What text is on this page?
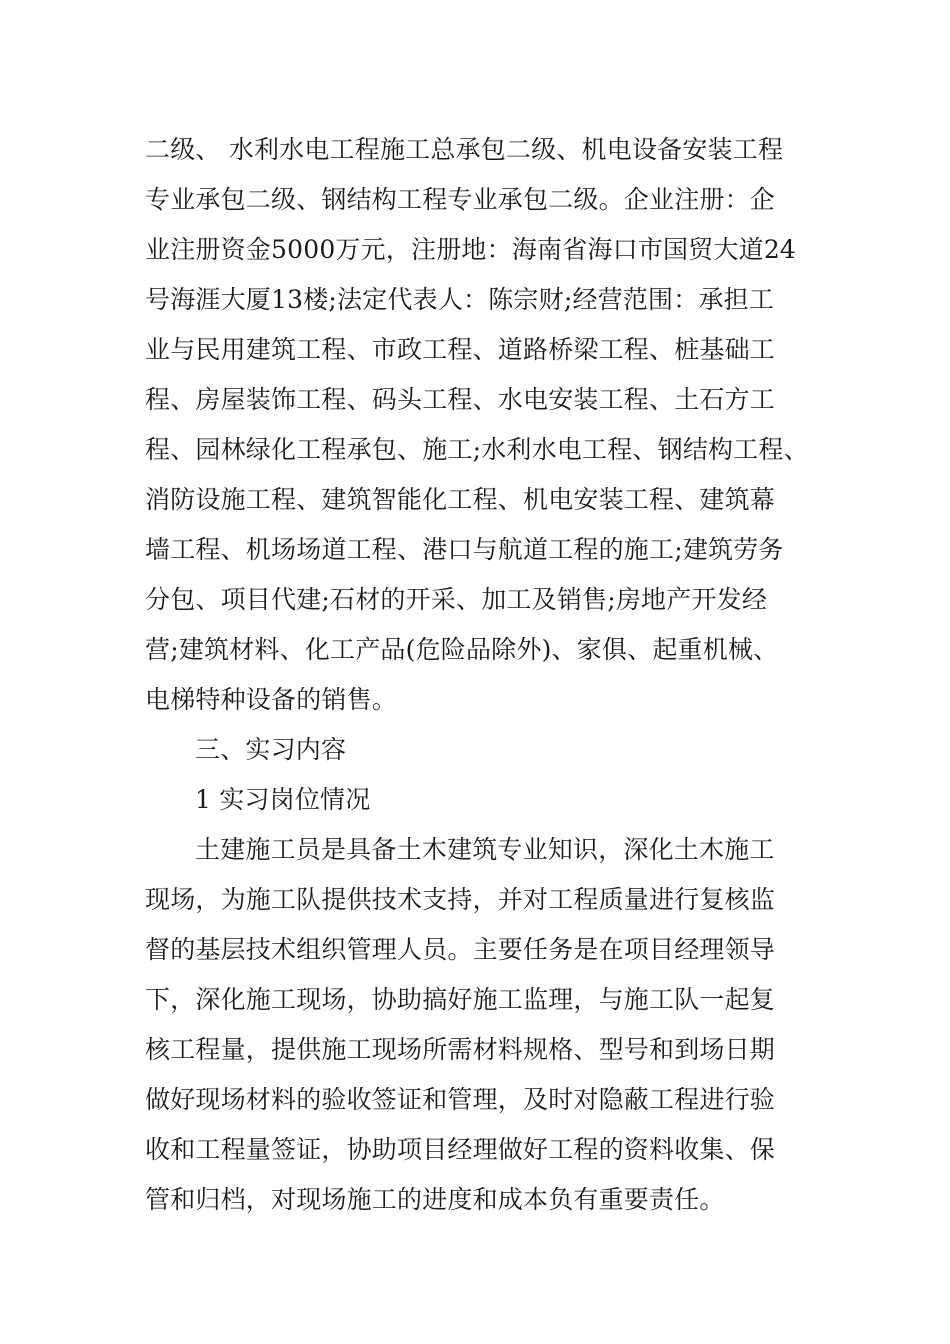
二级、 水利水电工程施工总承包二级、机电设备安装工程
专业承包二级、钢结构工程专业承包二级。企业注册：企
业注册资金5000万元，注册地：海南省海口市国贸大道24
号海涯大厦13楼;法定代表人：陈宗财;经营范围：承担工
业与民用建筑工程、市政工程、道路桥梁工程、桩基础工
程、房屋装饰工程、码头工程、水电安装工程、土石方工
程、园林绿化工程承包、施工;水利水电工程、钢结构工程、
消防设施工程、建筑智能化工程、机电安装工程、建筑幕
墙工程、机场场道工程、港口与航道工程的施工;建筑劳务
分包、项目代建;石材的开采、加工及销售;房地产开发经
营;建筑材料、化工产品(危险品除外)、家俱、起重机械、
电梯特种设备的销售。
三、实习内容
1 实习岗位情况
土建施工员是具备土木建筑专业知识，深化土木施工
现场，为施工队提供技术支持，并对工程质量进行复核监
督的基层技术组织管理人员。主要任务是在项目经理领导
下，深化施工现场，协助搞好施工监理，与施工队一起复
核工程量，提供施工现场所需材料规格、型号和到场日期
做好现场材料的验收签证和管理，及时对隐蔽工程进行验
收和工程量签证，协助项目经理做好工程的资料收集、保
管和归档，对现场施工的进度和成本负有重要责任。
